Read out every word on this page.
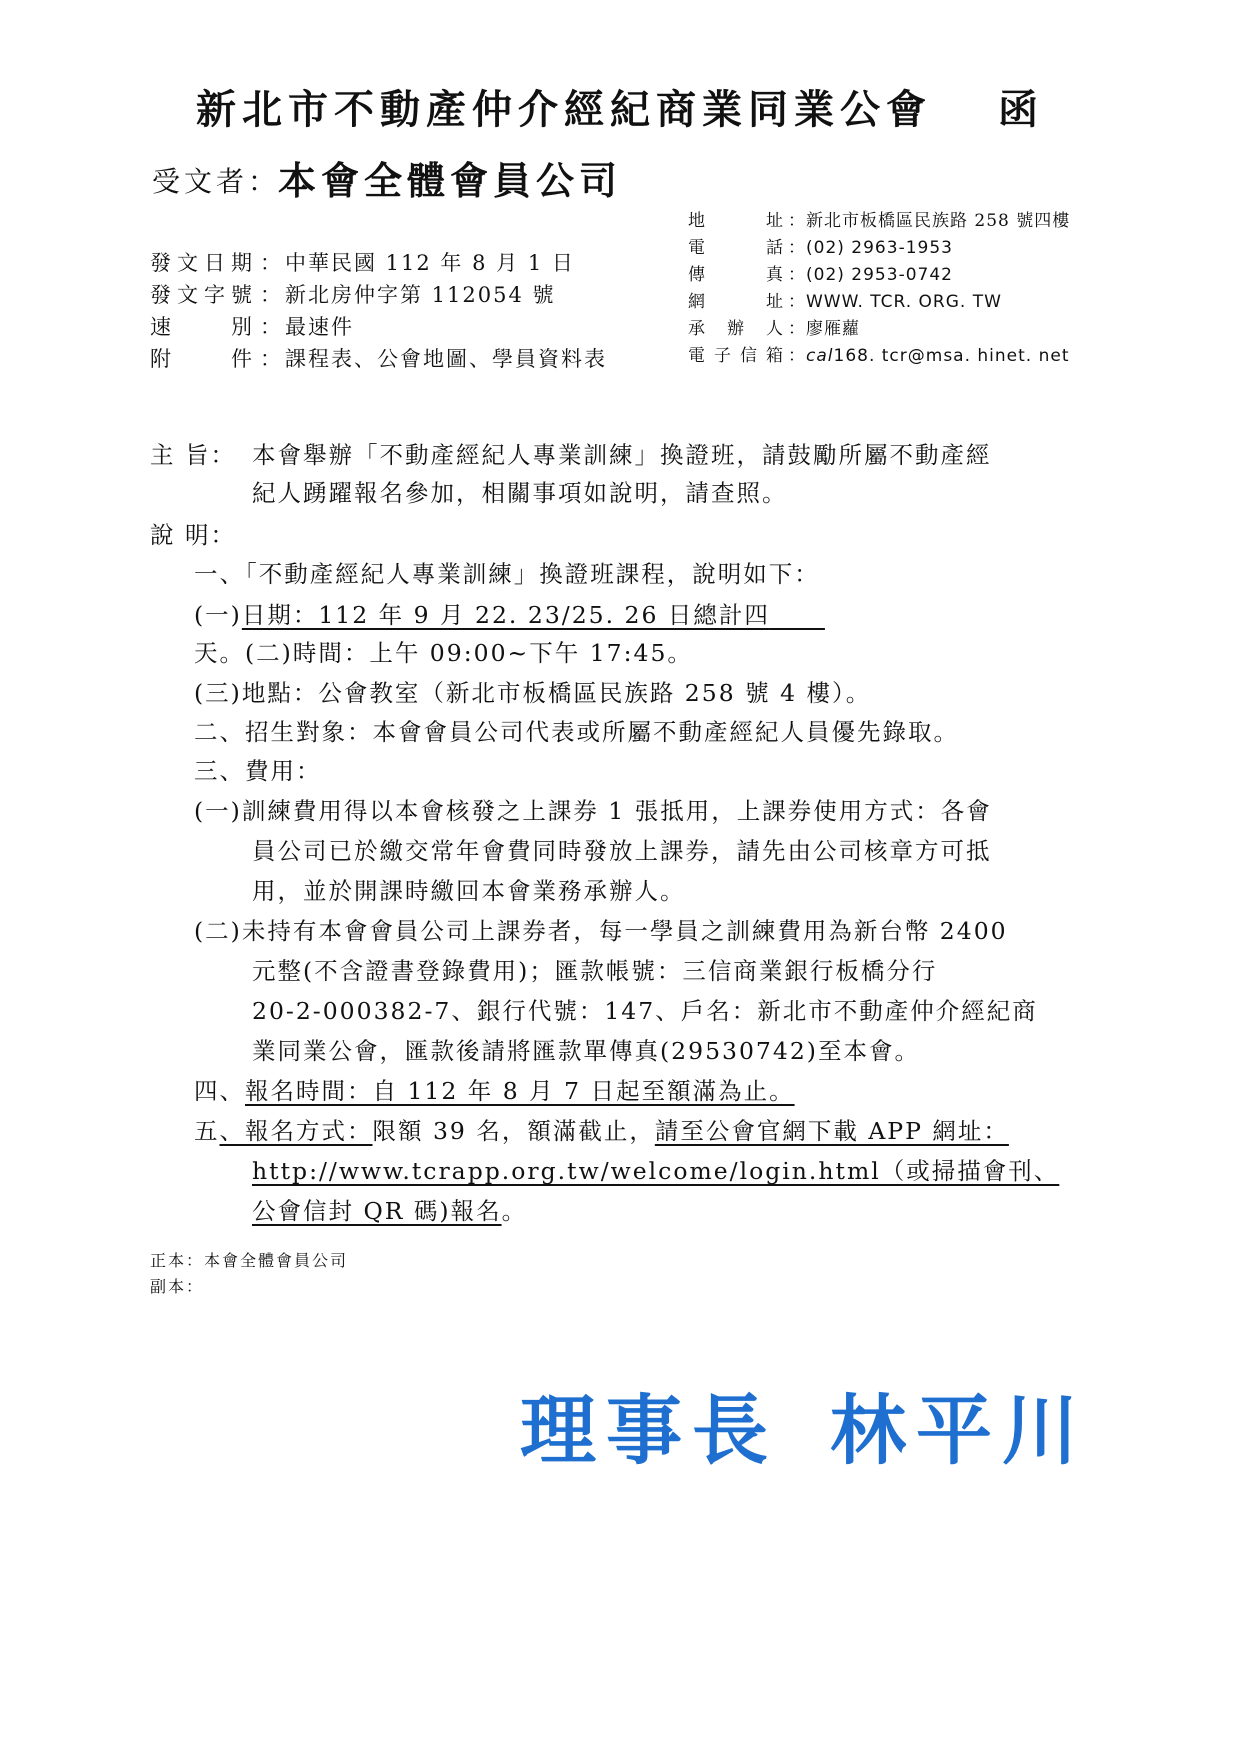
新北市不動產仲介經紀商業同業公會　 函
受文者：
本會全體會員公司
地址 ：新北市板橋區民族路 258 號四樓
電話 ：(02) 2963-1953
傳真 ：(02) 2953-0742
網址 ：WWW. TCR. ORG. TW
承辦人 ：廖雁蘿
電子信箱 ：cal168. tcr@msa. hinet. net
發文日期 ：中華民國 112 年 8 月 1 日
發文字號 ：新北房仲字第 112054 號
速別 ：最速件
附件 ：課程表、公會地圖、學員資料表
主 旨： 本會舉辦「不動產經紀人專業訓練」換證班，請鼓勵所屬不動產經
紀人踴躍報名參加，相關事項如說明，請查照。
說 明：
一、「不動產經紀人專業訓練」換證班課程，說明如下：
(一)日期：112 年 9 月 22. 23/25. 26 日總計四    
天。(二)時間：上午 09:00~下午 17:45。
(三)地點：公會教室（新北市板橋區民族路 258 號 4 樓）。
二、招生對象：本會會員公司代表或所屬不動產經紀人員優先錄取。
三、費用：
(一)訓練費用得以本會核發之上課券 1 張抵用，上課券使用方式：各會
員公司已於繳交常年會費同時發放上課券，請先由公司核章方可抵
用，並於開課時繳回本會業務承辦人。
(二)未持有本會會員公司上課券者，每一學員之訓練費用為新台幣 2400
元整(不含證書登錄費用)；匯款帳號：三信商業銀行板橋分行
20-2-000382-7、銀行代號：147、戶名：新北市不動產仲介經紀商
業同業公會，匯款後請將匯款單傳真(29530742)至本會。
四、報名時間：自 112 年 8 月 7 日起至額滿為止。
五、報名方式：限額 39 名，額滿截止，請至公會官網下載 APP 網址：
http://www.tcrapp.org.tw/welcome/login.html（或掃描會刊、
公會信封 QR 碼)報名。
正本：本會全體會員公司
副本：
理事長 林平川
